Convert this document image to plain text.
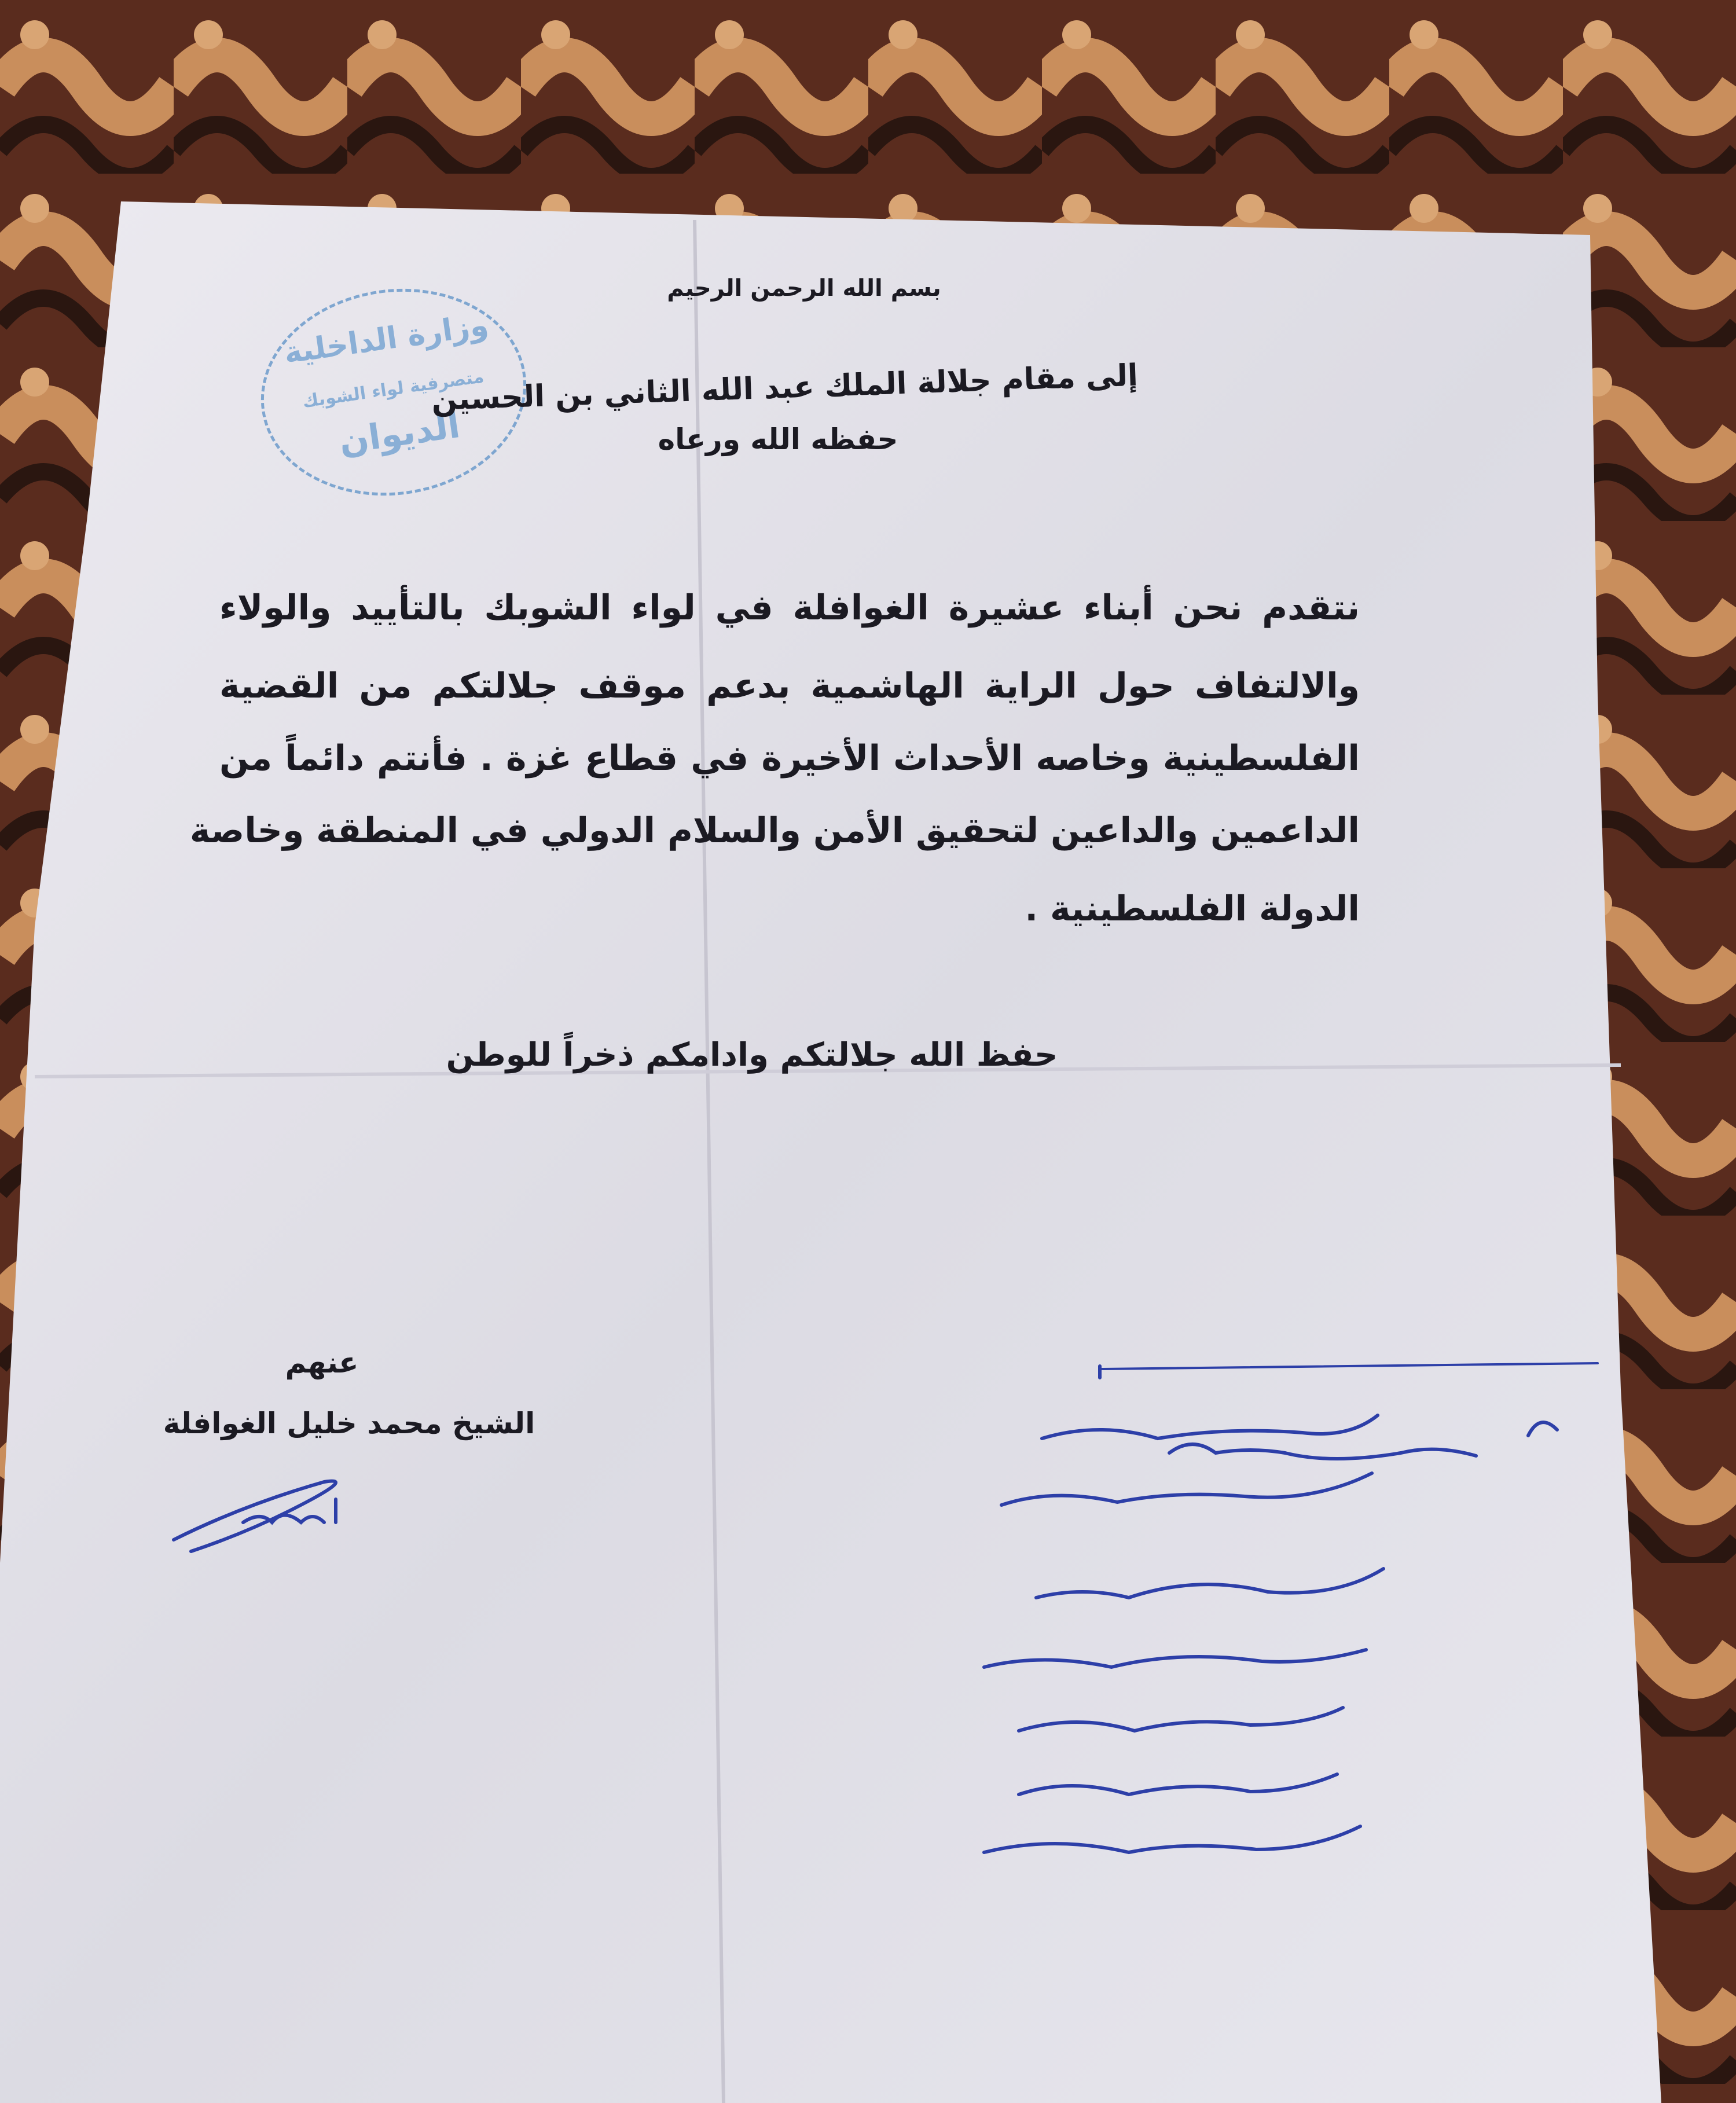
وزارة الداخلية
متصرفية لواء الشوبك
الديوان
بسم الله الرحمن الرحيم
إلى مقام جلالة الملك عبد الله الثاني بن الحسين
حفظه الله ورعاه
نتقدم نحن أبناء عشيرة الغوافلة في لواء الشوبك بالتأييد والولاء
والالتفاف حول الراية الهاشمية بدعم موقف جلالتكم من القضية
الفلسطينية وخاصه الأحداث الأخيرة في قطاع غزة . فأنتم دائماً من
الداعمين والداعين لتحقيق الأمن والسلام الدولي في المنطقة وخاصة
الدولة الفلسطينية .
حفظ الله جلالتكم وادامكم ذخراً للوطن
عنهم
الشيخ محمد خليل الغوافلة
